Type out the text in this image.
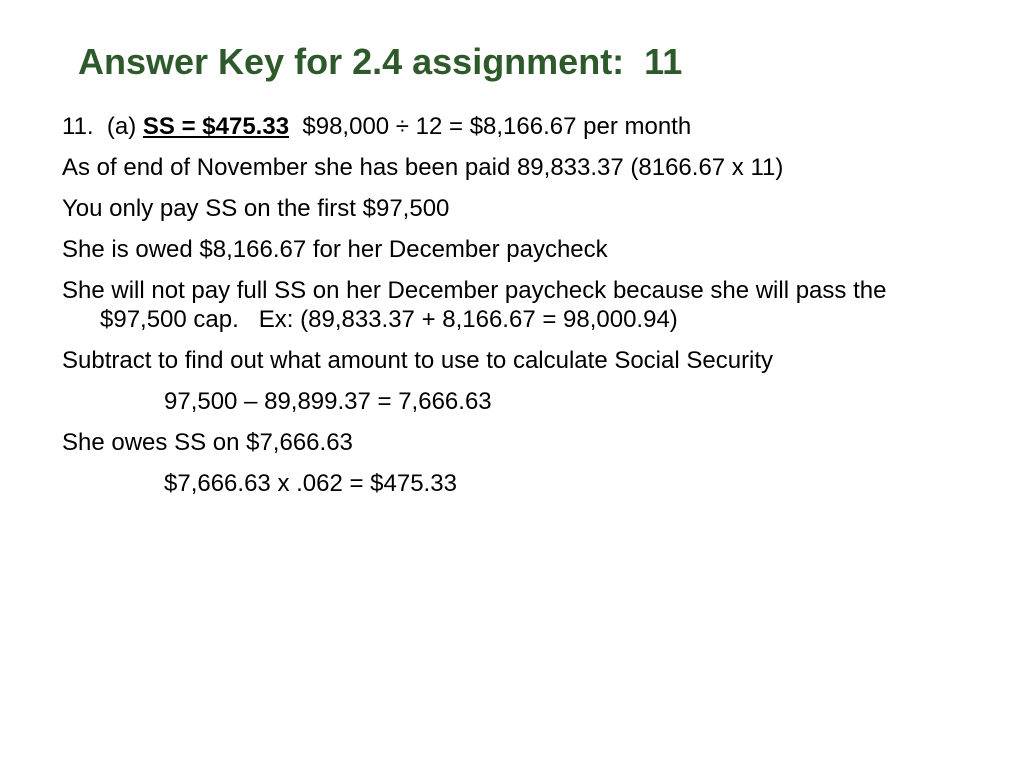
Answer Key for 2.4 assignment:  11

11.  (a) SS = $475.33  $98,000 ÷ 12 = $8,166.67 per month

As of end of November she has been paid 89,833.37 (8166.67 x 11)

You only pay SS on the first $97,500

She is owed $8,166.67 for her December paycheck

She will not pay full SS on her December paycheck because she will pass the $97,500 cap.   Ex: (89,833.37 + 8,166.67 = 98,000.94)

Subtract to find out what amount to use to calculate Social Security

97,500 – 89,899.37 = 7,666.63

She owes SS on $7,666.63

$7,666.63 x .062 = $475.33
